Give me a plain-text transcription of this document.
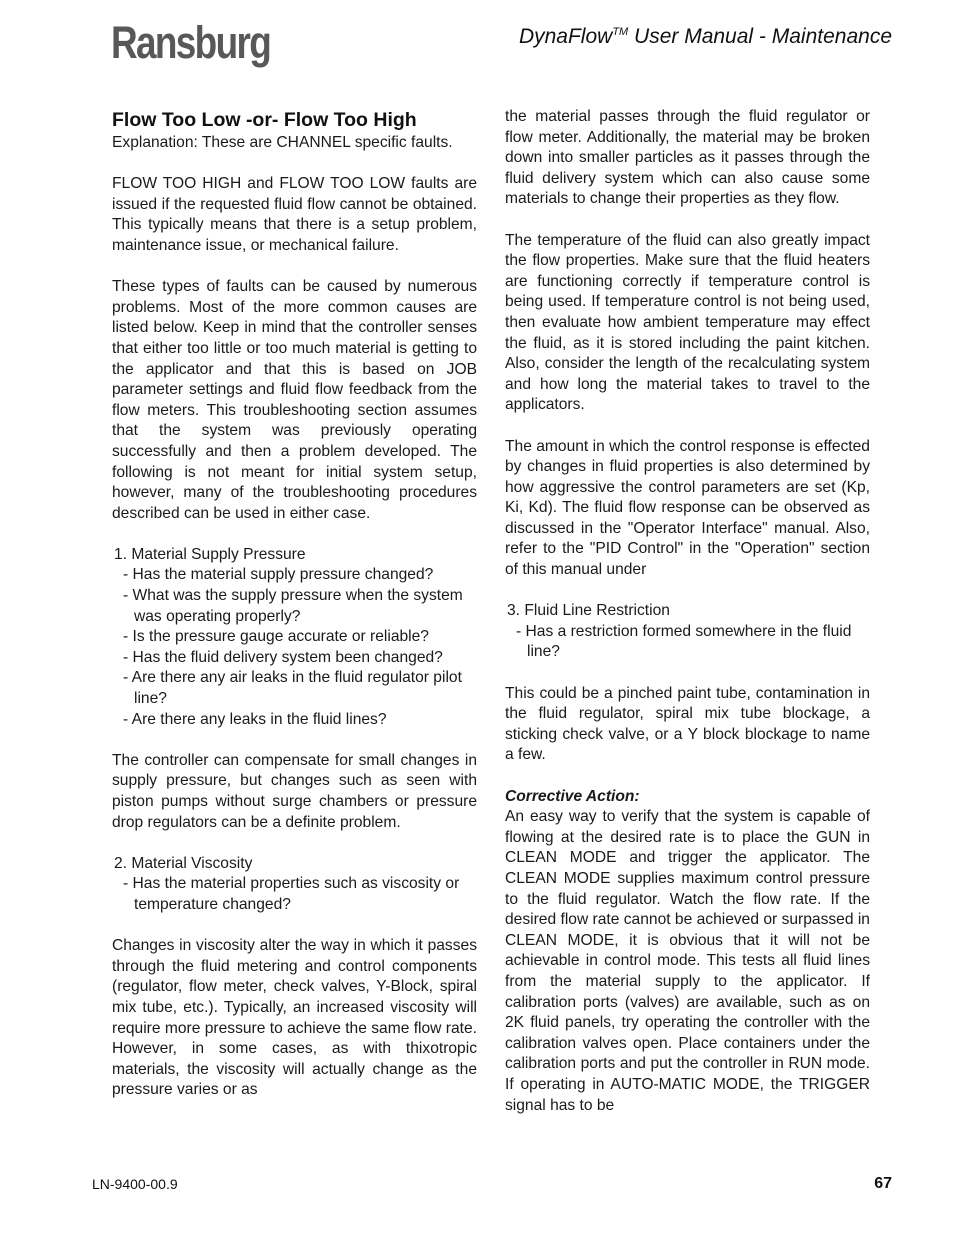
Ransburg	DynaFlow™ User Manual - Maintenance
Flow Too Low -or- Flow Too High

Explanation: These are CHANNEL specific faults.

FLOW TOO HIGH and FLOW TOO LOW faults are issued if the requested fluid flow cannot be obtained. This typically means that there is a setup problem, maintenance issue, or mechanical failure.

These types of faults can be caused by numerous problems. Most of the more common causes are listed below. Keep in mind that the controller senses that either too little or too much material is getting to the applicator and that this is based on JOB parameter settings and fluid flow feedback from the flow meters. This troubleshooting section assumes that the system was previously operating successfully and then a problem developed. The following is not meant for initial system setup, however, many of the troubleshooting procedures described can be used in either case.

1. Material Supply Pressure

- Has the material supply pressure changed?

- What was the supply pressure when the system was operating properly?

- Is the pressure gauge accurate or reliable?

- Has the fluid delivery system been changed?

- Are there any air leaks in the fluid regulator pilot line?

- Are there any leaks in the fluid lines?

The controller can compensate for small changes in supply pressure, but changes such as seen with piston pumps without surge chambers or pressure drop regulators can be a definite problem.

2. Material Viscosity

- Has the material properties such as viscosity or temperature changed?

Changes in viscosity alter the way in which it passes through the fluid metering and control components (regulator, flow meter, check valves, Y-Block, spiral mix tube, etc.). Typically, an increased viscosity will require more pressure to achieve the same flow rate. However, in some cases, as with thixotropic materials, the viscosity will actually change as the pressure varies or as

the material passes through the fluid regulator or flow meter. Additionally, the material may be broken down into smaller particles as it passes through the fluid delivery system which can also cause some materials to change their properties as they flow.

The temperature of the fluid can also greatly impact the flow properties. Make sure that the fluid heaters are functioning correctly if temperature control is being used. If temperature control is not being used, then evaluate how ambient temperature may effect the fluid, as it is stored including the paint kitchen. Also, consider the length of the recalculating system and how long the material takes to travel to the applicators.

The amount in which the control response is effected by changes in fluid properties is also determined by how aggressive the control parameters are set (Kp, Ki, Kd). The fluid flow response can be observed as discussed in the "Operator Interface" manual. Also, refer to the "PID Control" in the "Operation" section of this manual under

3. Fluid Line Restriction

- Has a restriction formed somewhere in the fluid line?

This could be a pinched paint tube, contamination in the fluid regulator, spiral mix tube blockage, a sticking check valve, or a Y block blockage to name a few.

Corrective Action:

An easy way to verify that the system is capable of flowing at the desired rate is to place the GUN in CLEAN MODE and trigger the applicator. The CLEAN MODE supplies maximum control pressure to the fluid regulator. Watch the flow rate. If the desired flow rate cannot be achieved or surpassed in CLEAN MODE, it is obvious that it will not be achievable in control mode. This tests all fluid lines from the material supply to the applicator. If calibration ports (valves) are available, such as on 2K fluid panels, try operating the controller with the calibration valves open. Place containers under the calibration ports and put the controller in RUN mode. If operating in AUTO-MATIC MODE, the TRIGGER signal has to be

LN-9400-00.9	67
